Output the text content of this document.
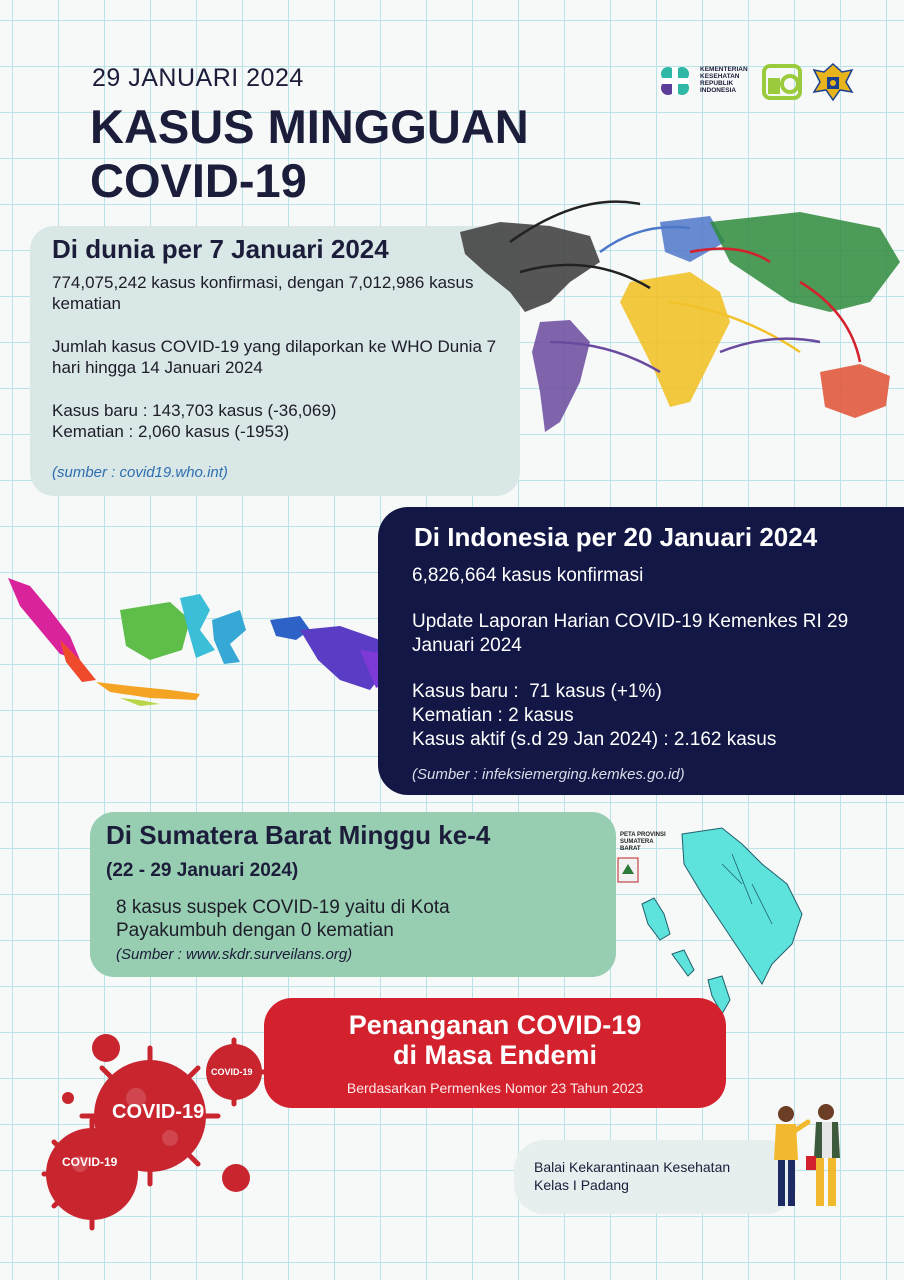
29 JANUARI 2024
KASUS MINGGUAN
COVID-19
KEMENTERIAN KESEHATAN REPUBLIK INDONESIA
Di dunia per 7 Januari 2024
774,075,242 kasus konfirmasi, dengan 7,012,986 kasus kematian
Jumlah kasus COVID-19 yang dilaporkan ke WHO Dunia 7 hari hingga 14 Januari 2024
Kasus baru : 143,703 kasus (-36,069)
Kematian : 2,060 kasus (-1953)
(sumber : covid19.who.int)
Di Indonesia per 20 Januari 2024
6,826,664 kasus konfirmasi
Update Laporan Harian COVID-19 Kemenkes RI 29 Januari 2024
Kasus baru :  71 kasus (+1%)
Kematian : 2 kasus
Kasus aktif (s.d 29 Jan 2024) : 2.162 kasus
(Sumber : infeksiemerging.kemkes.go.id)
Di Sumatera Barat Minggu ke-4
(22 - 29 Januari 2024)
8 kasus suspek COVID-19 yaitu di Kota Payakumbuh dengan 0 kematian
(Sumber : www.skdr.surveilans.org)
PETA PROVINSI SUMATERA BARAT
COVID-19
COVID-19
COVID-19
Penanganan COVID-19
di Masa Endemi
Berdasarkan Permenkes Nomor 23 Tahun 2023
Balai Kekarantinaan Kesehatan
Kelas I Padang
